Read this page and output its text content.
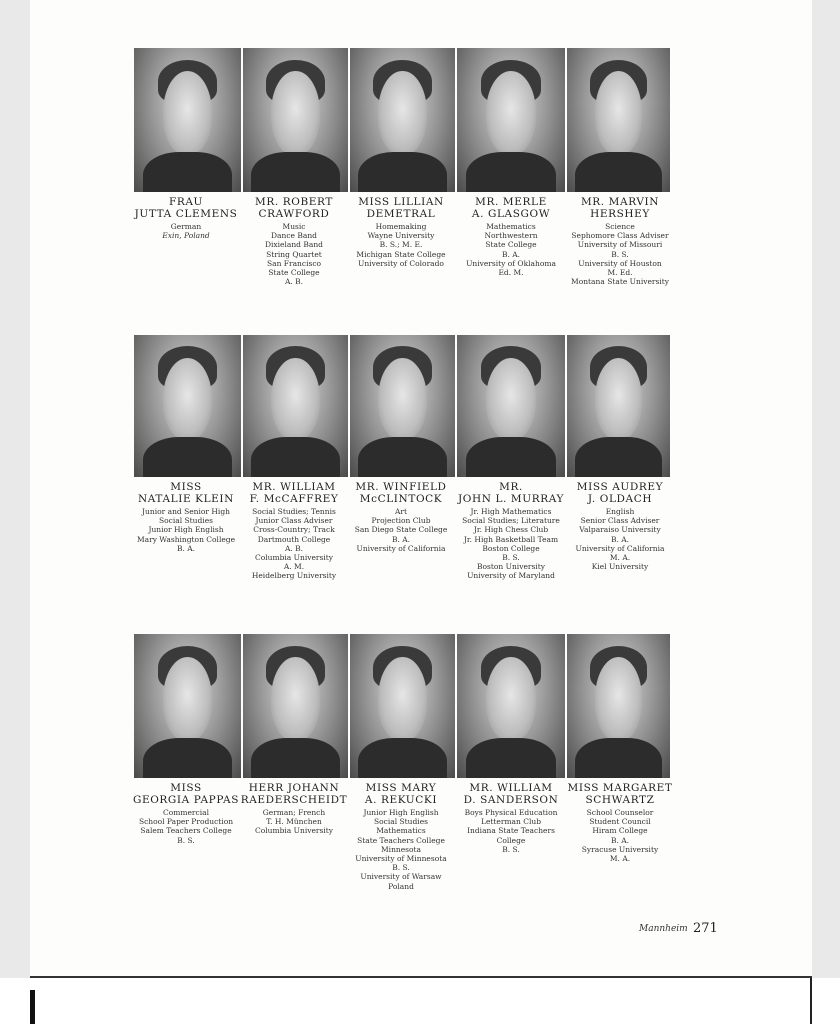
FRAU
JUTTA CLEMENS
German
Exin, Poland
MR. ROBERT
CRAWFORD
Music
Dance Band
Dixieland Band
String Quartet
San Francisco
State College
A. B.
MISS LILLIAN
DEMETRAL
Homemaking
Wayne University
B. S.; M. E.
Michigan State College
University of Colorado
MR. MERLE
A. GLASGOW
Mathematics
Northwestern
State College
B. A.
University of Oklahoma
Ed. M.
MR. MARVIN
HERSHEY
Science
Sephomore Class Adviser
University of Missouri
B. S.
University of Houston
M. Ed.
Montana State University
MISS
NATALIE KLEIN
Junior and Senior High
Social Studies
Junior High English
Mary Washington College
B. A.
MR. WILLIAM
F. McCAFFREY
Social Studies; Tennis
Junior Class Adviser
Cross-Country; Track
Dartmouth College
A. B.
Columbia University
A. M.
Heidelberg University
MR. WINFIELD
McCLINTOCK
Art
Projection Club
San Diego State College
B. A.
University of California
MR.
JOHN L. MURRAY
Jr. High Mathematics
Social Studies; Literature
Jr. High Chess Club
Jr. High Basketball Team
Boston College
B. S.
Boston University
University of Maryland
MISS AUDREY
J. OLDACH
English
Senior Class Adviser
Valparaiso University
B. A.
University of California
M. A.
Kiel University
MISS
GEORGIA PAPPAS
Commercial
School Paper Production
Salem Teachers College
B. S.
HERR JOHANN
RAEDERSCHEIDT
German; French
T. H. München
Columbia University
MISS MARY
A. REKUCKI
Junior High English
Social Studies
Mathematics
State Teachers College
Minnesota
University of Minnesota
B. S.
University of Warsaw
Poland
MR. WILLIAM
D. SANDERSON
Boys Physical Education
Letterman Club
Indiana State Teachers
College
B. S.
MISS MARGARET
SCHWARTZ
School Counselor
Student Council
Hiram College
B. A.
Syracuse University
M. A.
Mannheim 271
